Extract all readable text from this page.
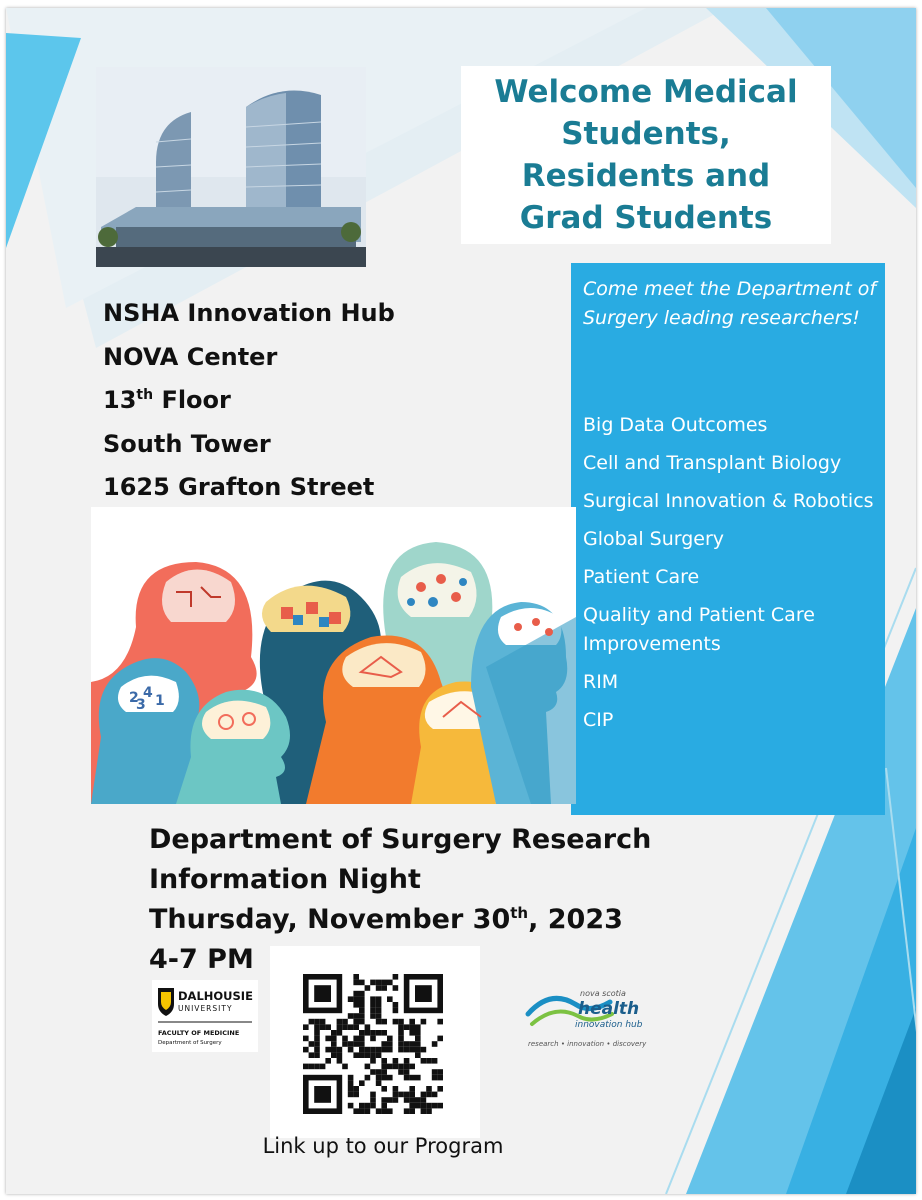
Welcome Medical Students, Residents and Grad Students

NSHA Innovation Hub
NOVA Center
13th Floor
South Tower
1625 Grafton Street

Come meet the Department of Surgery leading researchers!

Big Data Outcomes
Cell and Transplant Biology
Surgical Innovation & Robotics
Global Surgery
Patient Care
Quality and Patient Care Improvements
RIM
CIP
2 4 1
3
Department of Surgery Research
Information Night
Thursday, November 30th, 2023
4-7 PM
DALHOUSIE
UNIVERSITY
FACULTY OF MEDICINE
Department of Surgery
Link up to our Program
nova scotia
health
innovation hub
research • innovation • discovery
